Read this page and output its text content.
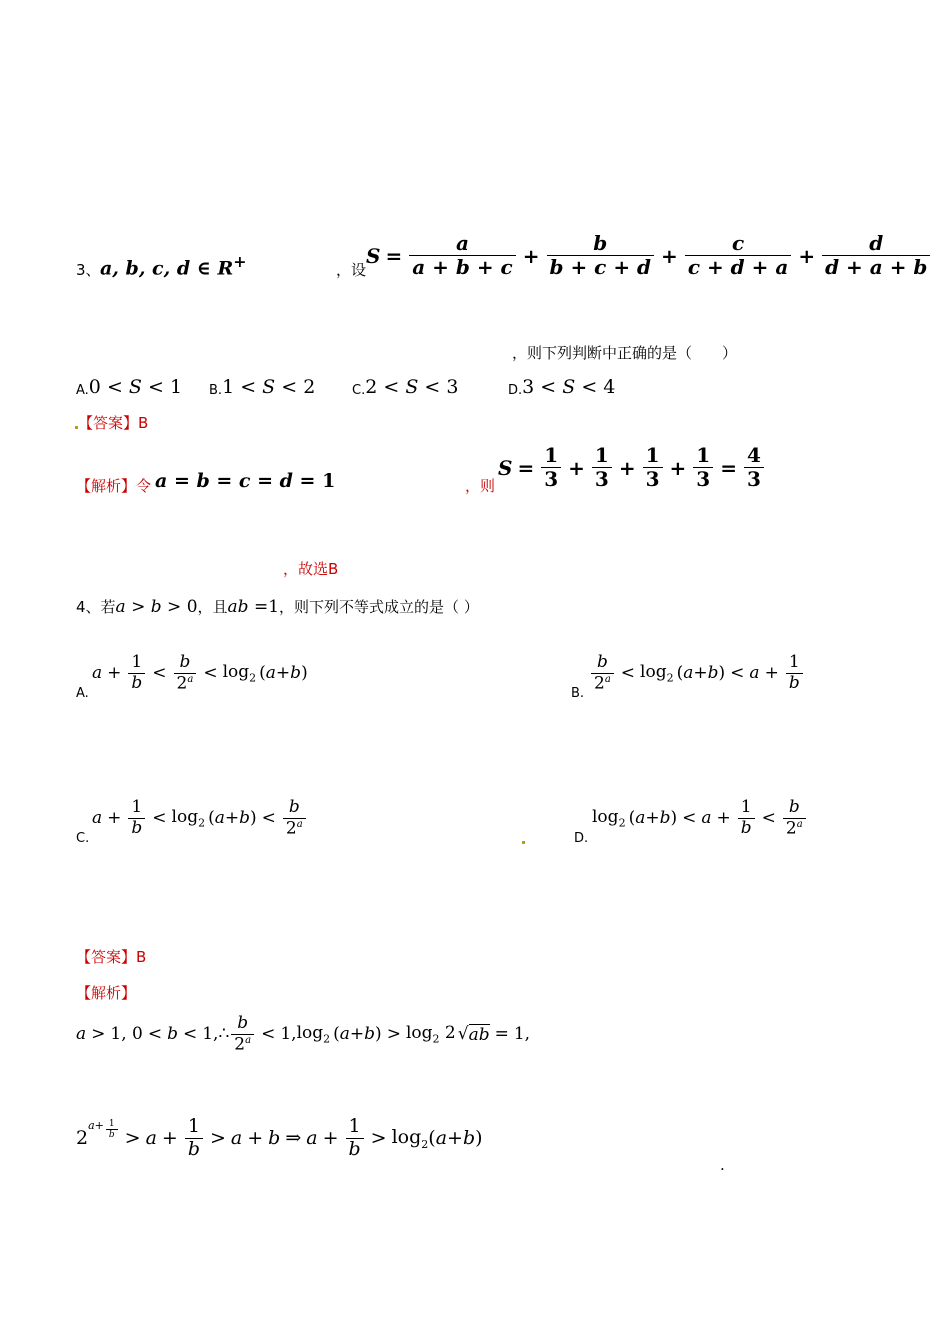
3、 a, b, c, d ∈ R+	，设
$S = \frac{a}{a + b + c} + \frac{b}{b + c + d} + \frac{c}{c + d + a} + \frac{d}{d + a + b}$
，则下列判断中正确的是（　　）
A. 0 < S < 1 B. 1 < S < 2	C. 2 < S < 3	D. 3 < S < 4
【答案】B
【解析】令 a = b = c = d = 1	，则
$S = \frac{1}{3} + \frac{1}{3} + \frac{1}{3} + \frac{1}{3} = \frac{4}{3}$
，故选B
4、若 a > b > 0 ，且 ab =1 ，则下列不等式成立的是（ ）
A.
$a + \frac{1}{b} < \frac{b}{2^a} < \log_2$ ( a + b )
B. $\frac{b}{2^a} < \log_2$ ( a + b ) < $a + \frac{1}{b}$
C.
$a + \frac{1}{b} < \log_2$ ( a + b ) < $\frac{b}{2^a}$	D.
$\log_2$ ( a + b ) < $a + \frac{1}{b} < \frac{b}{2^a}$
【答案】B
【解析】
a > 1, 0 < b < 1,∴ $\frac{b}{2^a} < 1$, $\log_2$ ( a + b ) > $\log_2 2$ √ ab = 1,
2
$^{a+ \frac{1}{b}} > a + \frac{1}{b} > a + b$ ⇒ $a + \frac{1}{b} > \log_2$ ( a + b )
.
